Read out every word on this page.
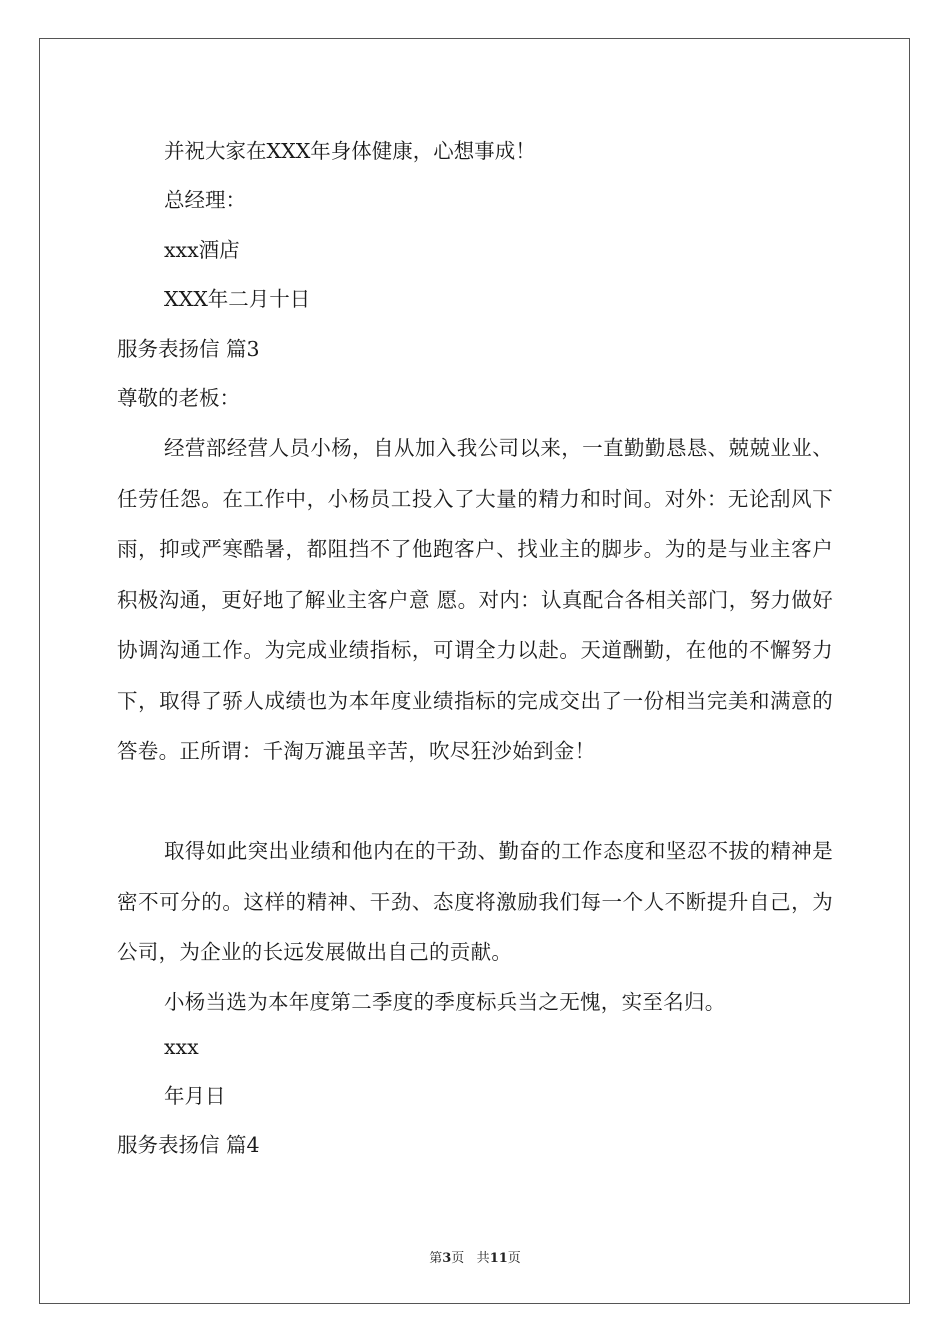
并祝大家在XXX年身体健康，心想事成！
总经理：
xxx酒店
XXX年二月十日
服务表扬信 篇3
尊敬的老板：
经营部经营人员小杨，自从加入我公司以来，一直勤勤恳恳、兢兢业业、任劳任怨。在工作中，小杨员工投入了大量的精力和时间。对外：无论刮风下雨，抑或严寒酷暑，都阻挡不了他跑客户、找业主的脚步。为的是与业主客户积极沟通，更好地了解业主客户意 愿。对内：认真配合各相关部门，努力做好协调沟通工作。为完成业绩指标，可谓全力以赴。天道酬勤，在他的不懈努力下，取得了骄人成绩也为本年度业绩指标的完成交出了一份相当完美和满意的答卷。正所谓：千淘万漉虽辛苦，吹尽狂沙始到金！
取得如此突出业绩和他内在的干劲、勤奋的工作态度和坚忍不拔的精神是密不可分的。这样的精神、干劲、态度将激励我们每一个人不断提升自己，为公司，为企业的长远发展做出自己的贡献。
小杨当选为本年度第二季度的季度标兵当之无愧，实至名归。
xxx
年月日
服务表扬信 篇4
第3页 共11页
